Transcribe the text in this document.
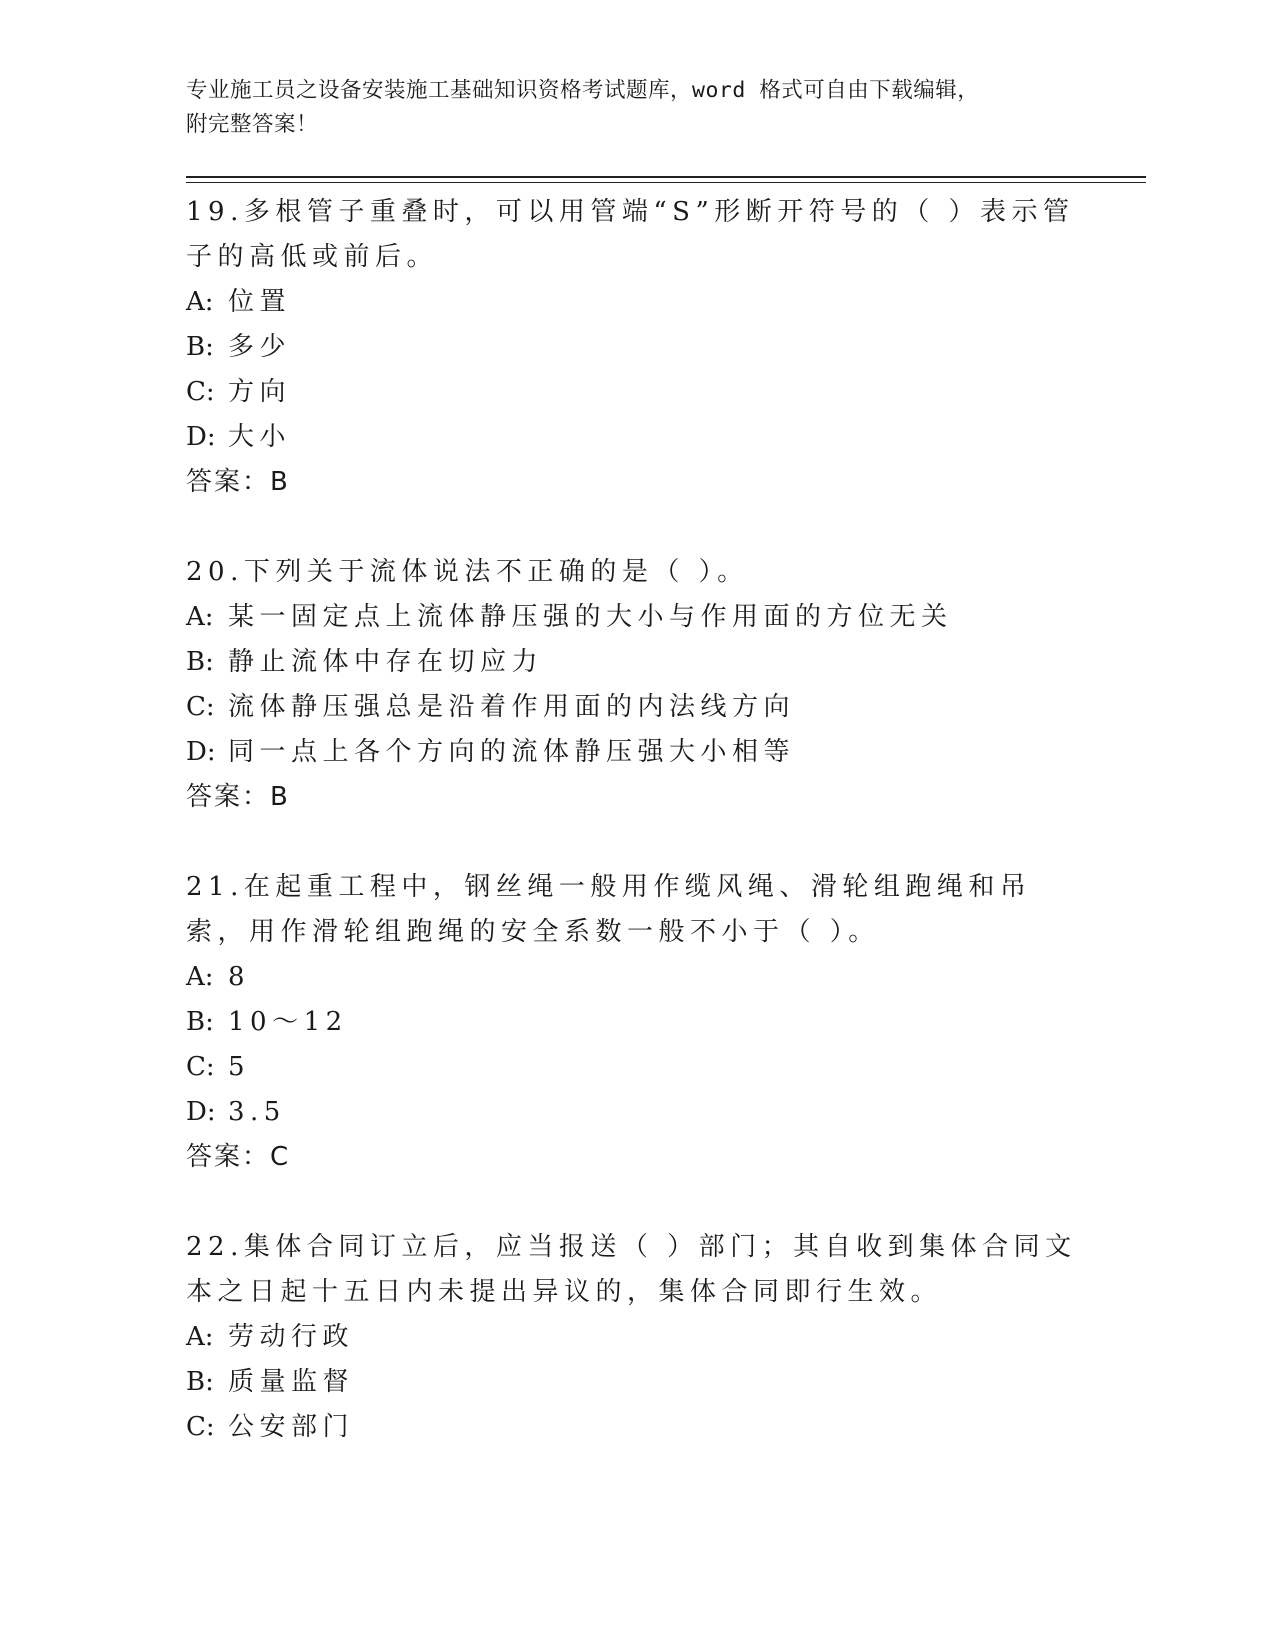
专业施工员之设备安装施工基础知识资格考试题库，word 格式可自由下载编辑，
附完整答案！

19.多根管子重叠时，可以用管端“S”形断开符号的（ ）表示管子的高低或前后。

A: 位置
B: 多少
C: 方向
D: 大小
答案：B

20.下列关于流体说法不正确的是（ ）。

A: 某一固定点上流体静压强的大小与作用面的方位无关
B: 静止流体中存在切应力
C: 流体静压强总是沿着作用面的内法线方向
D: 同一点上各个方向的流体静压强大小相等
答案：B

21.在起重工程中，钢丝绳一般用作缆风绳、滑轮组跑绳和吊索，用作滑轮组跑绳的安全系数一般不小于（ ）。

A: 8
B: 10～12
C: 5
D: 3.5
答案：C

22.集体合同订立后，应当报送（ ）部门；其自收到集体合同文本之日起十五日内未提出异议的，集体合同即行生效。

A: 劳动行政
B: 质量监督
C: 公安部门
